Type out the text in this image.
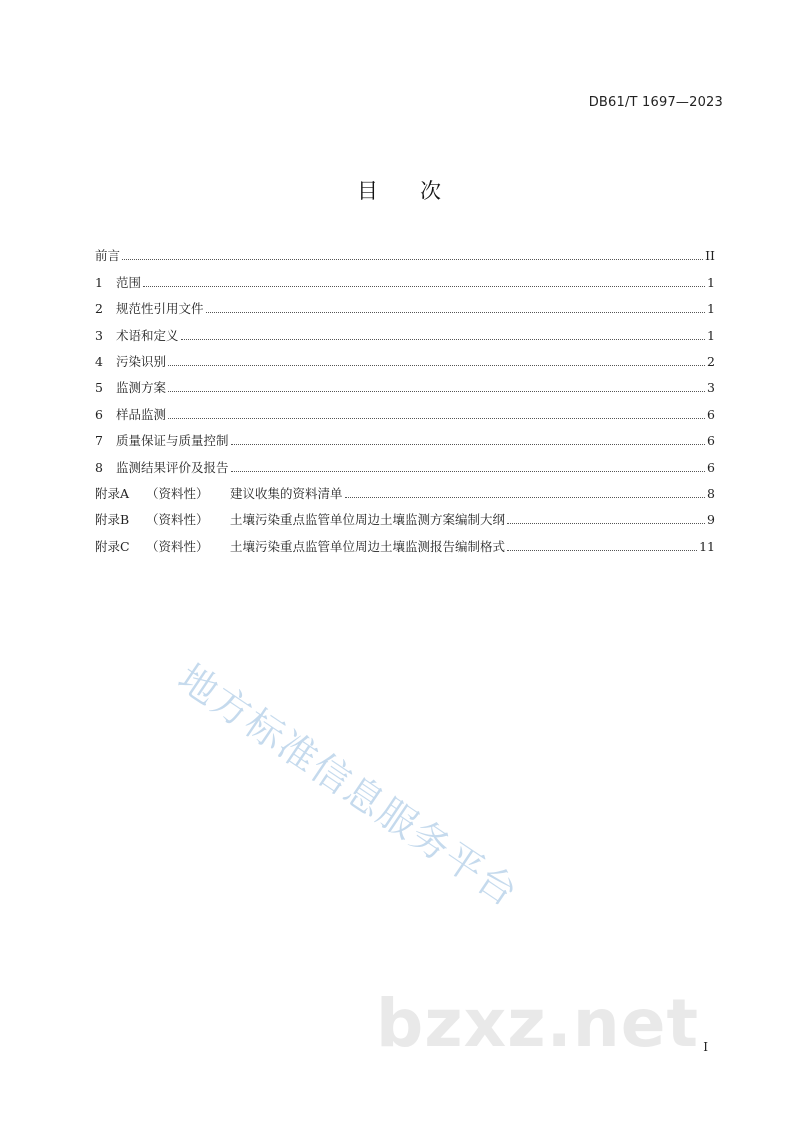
DB61/T 1697—2023
目 次
前言	II
1	范围	1
2	规范性引用文件	1
3	术语和定义	1
4	污染识别	2
5	监测方案	3
6	样品监测	6
7	质量保证与质量控制	6
8	监测结果评价及报告	6
附录A	（资料性）	建议收集的资料清单	8
附录B	（资料性）	土壤污染重点监管单位周边土壤监测方案编制大纲	9
附录C	（资料性）	土壤污染重点监管单位周边土壤监测报告编制格式	11
地方标准信息服务平台
bzxz.net I
